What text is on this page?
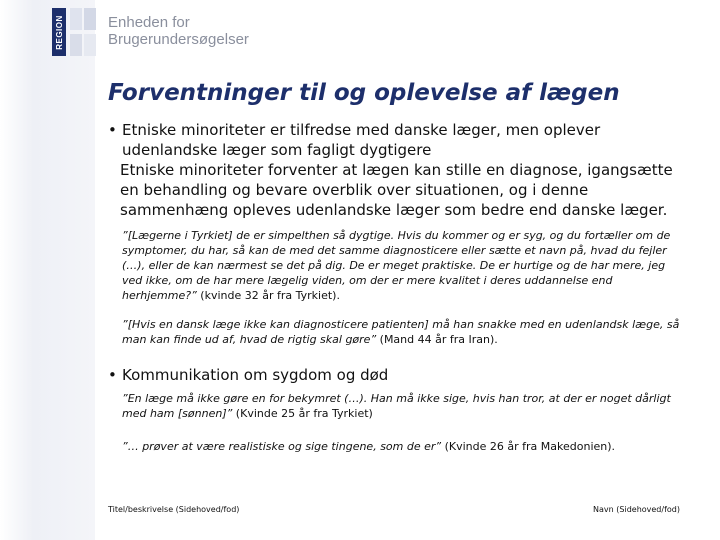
REGION	Enheden for
Brugerundersøgelser
Forventninger til og oplevelse af lægen
• Etniske minoriteter er tilfredse med danske læger, men oplever udenlandske læger som fagligt dygtigere
Etniske minoriteter forventer at lægen kan stille en diagnose, igangsætte en behandling og bevare overblik over situationen, og i denne sammenhæng opleves udenlandske læger som bedre end danske læger.
”[Lægerne i Tyrkiet] de er simpelthen så dygtige. Hvis du kommer og er syg, og du fortæller om de symptomer, du har, så kan de med det samme diagnosticere eller sætte et navn på, hvad du fejler (…), eller de kan nærmest se det på dig. De er meget praktiske. De er hurtige og de har mere, jeg ved ikke, om de har mere lægelig viden, om der er mere kvalitet i deres uddannelse end herhjemme?” (kvinde 32 år fra Tyrkiet).
”[Hvis en dansk læge ikke kan diagnosticere patienten] må han snakke med en udenlandsk læge, så man kan finde ud af, hvad de rigtig skal gøre” (Mand 44 år fra Iran).
• Kommunikation om sygdom og død
”En læge må ikke gøre en for bekymret (…). Han må ikke sige, hvis han tror, at der er noget dårligt med ham [sønnen]” (Kvinde 25 år fra Tyrkiet)
”… prøver at være realistiske og sige tingene, som de er” (Kvinde 26 år fra Makedonien).
Titel/beskrivelse (Sidehoved/fod)	Navn (Sidehoved/fod)
